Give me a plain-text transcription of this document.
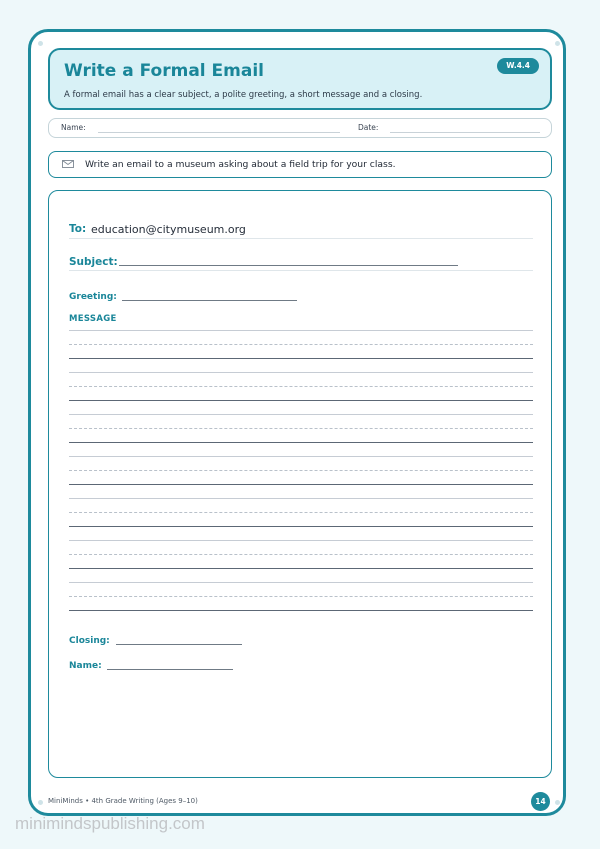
Write a Formal Email
A formal email has a clear subject, a polite greeting, a short message and a closing.
W.4.4
Name:	Date:
Write an email to a museum asking about a field trip for your class.
To: education@citymuseum.org
Subject:
Greeting:
MESSAGE
Closing:
Name:
MiniMinds • 4th Grade Writing (Ages 9–10)	14
minimindspublishing.com
